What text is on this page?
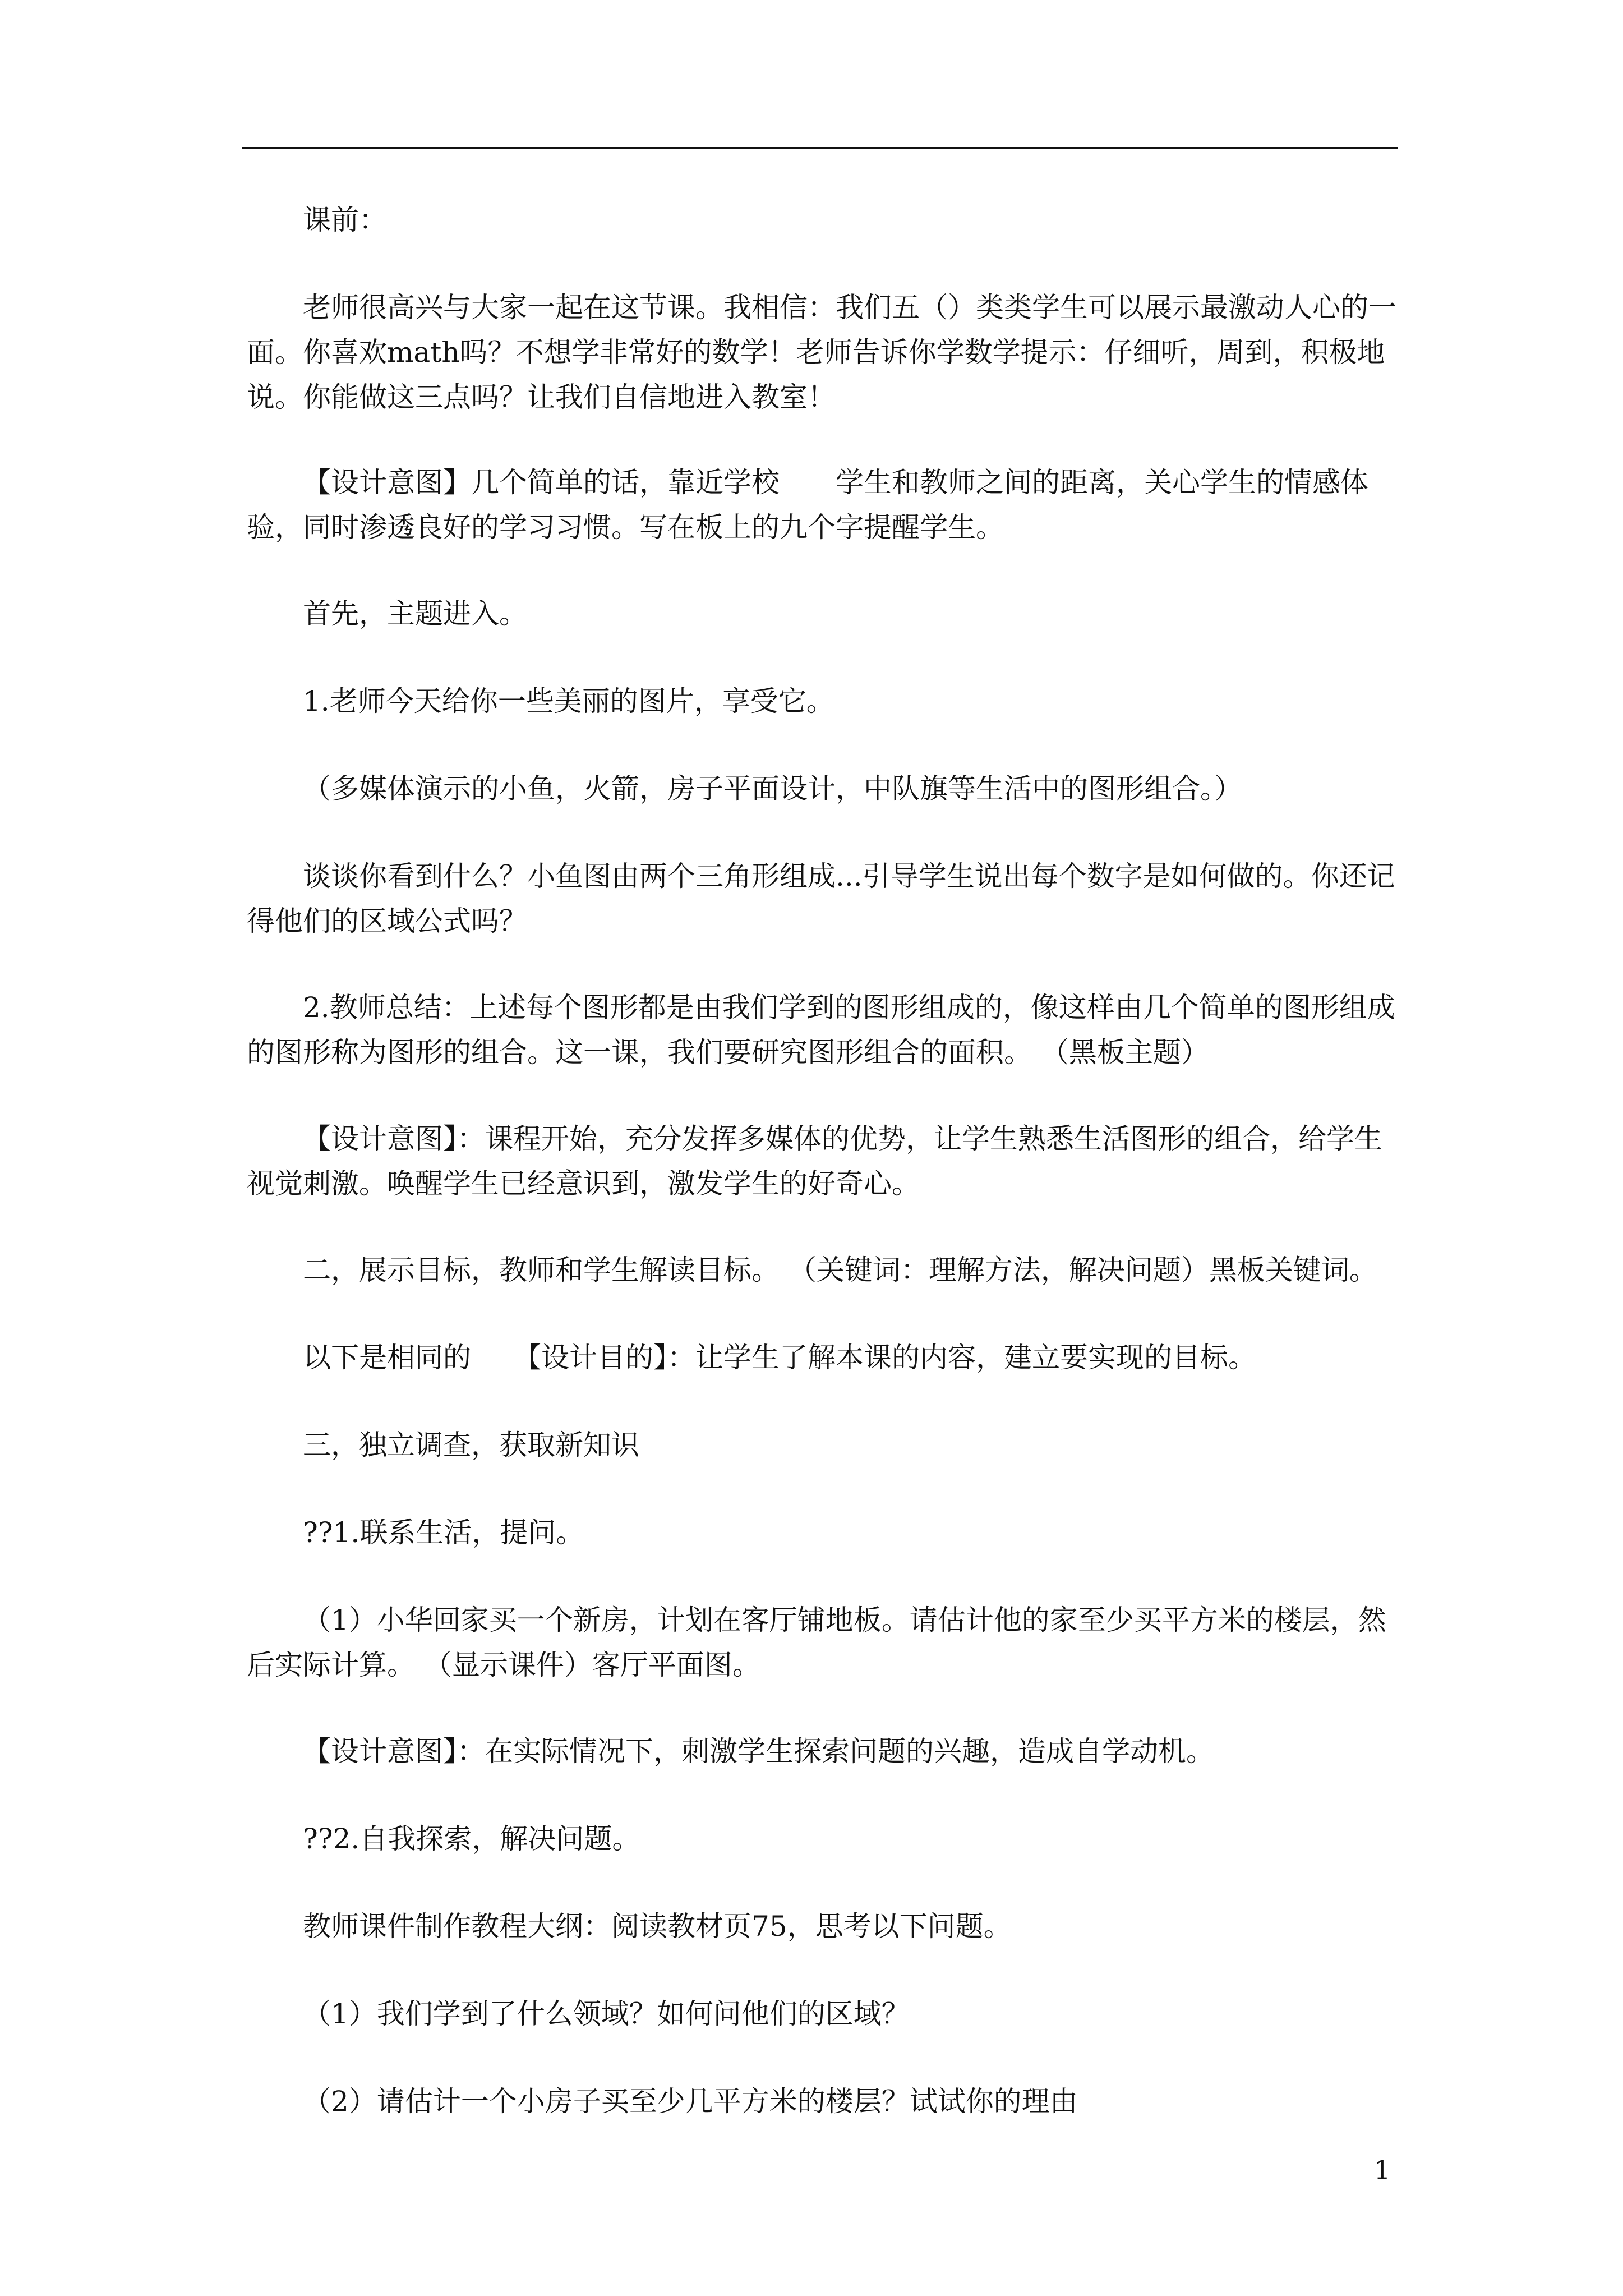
课前：

老师很高兴与大家一起在这节课。我相信：我们五（）类类学生可以展示最激动人心的一面。你喜欢math吗？不想学非常好的数学！老师告诉你学数学提示：仔细听，周到，积极地说。你能做这三点吗？让我们自信地进入教室！

【设计意图】几个简单的话，靠近学校　　学生和教师之间的距离，关心学生的情感体验，同时渗透良好的学习习惯。写在板上的九个字提醒学生。

首先，主题进入。

1.老师今天给你一些美丽的图片，享受它。

（多媒体演示的小鱼，火箭，房子平面设计，中队旗等生活中的图形组合。）

谈谈你看到什么？小鱼图由两个三角形组成...引导学生说出每个数字是如何做的。你还记得他们的区域公式吗？

2.教师总结：上述每个图形都是由我们学到的图形组成的，像这样由几个简单的图形组成的图形称为图形的组合。这一课，我们要研究图形组合的面积。 （黑板主题）

【设计意图】：课程开始，充分发挥多媒体的优势，让学生熟悉生活图形的组合，给学生视觉刺激。唤醒学生已经意识到，激发学生的好奇心。

二，展示目标，教师和学生解读目标。 （关键词：理解方法，解决问题）黑板关键词。

以下是相同的　　【设计目的】：让学生了解本课的内容，建立要实现的目标。

三，独立调查，获取新知识

??1.联系生活，提问。

（1）小华回家买一个新房，计划在客厅铺地板。请估计他的家至少买平方米的楼层，然后实际计算。 （显示课件）客厅平面图。

【设计意图】：在实际情况下，刺激学生探索问题的兴趣，造成自学动机。

??2.自我探索，解决问题。

教师课件制作教程大纲：阅读教材页75，思考以下问题。

（1）我们学到了什么领域？如何问他们的区域？

（2）请估计一个小房子买至少几平方米的楼层？试试你的理由

1
